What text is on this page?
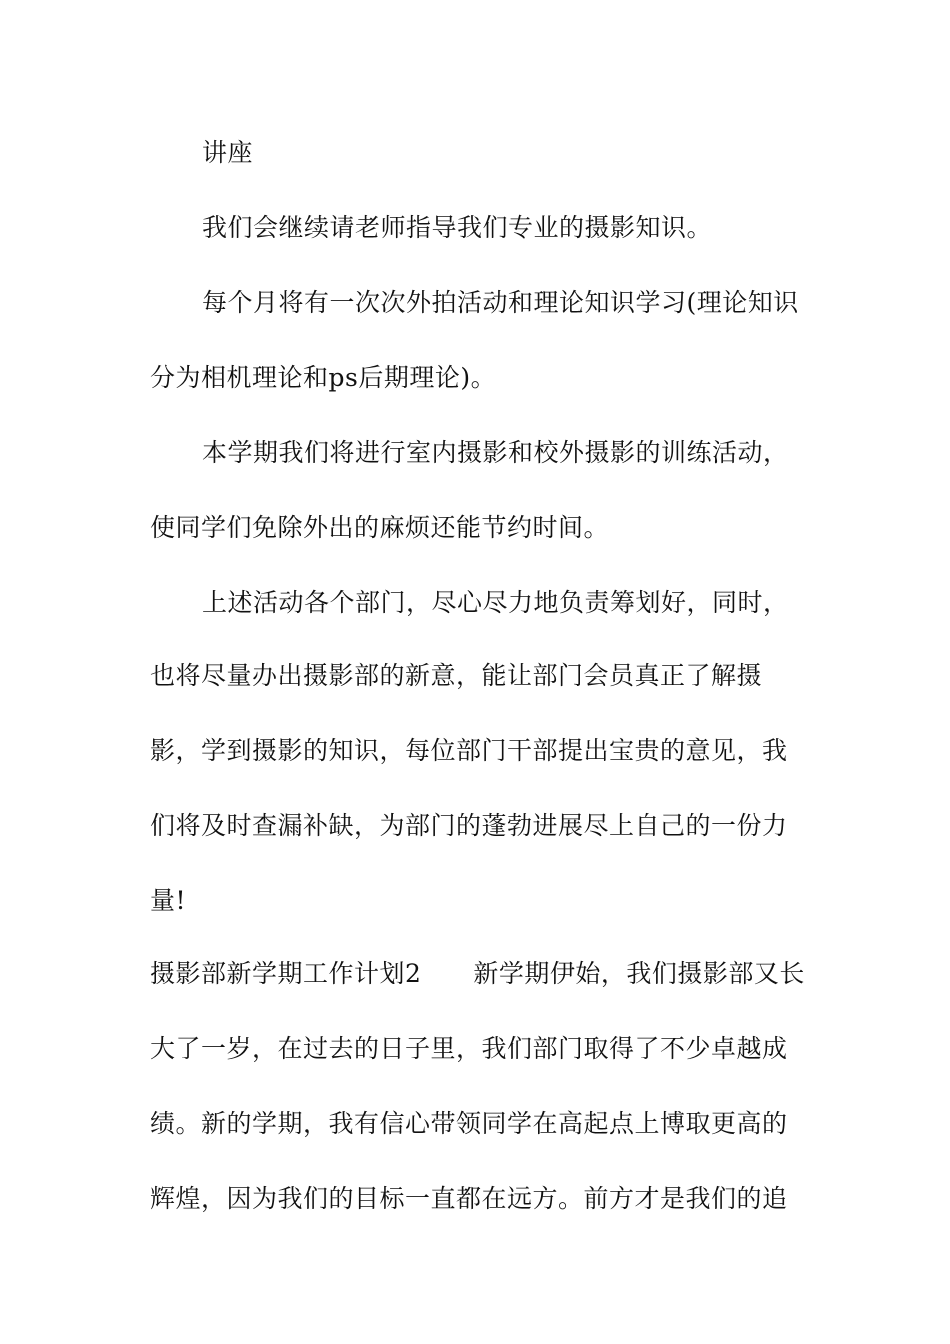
讲座
我们会继续请老师指导我们专业的摄影知识。
每个月将有一次次外拍活动和理论知识学习(理论知识
分为相机理论和ps后期理论)。
本学期我们将进行室内摄影和校外摄影的训练活动，
使同学们免除外出的麻烦还能节约时间。
上述活动各个部门，尽心尽力地负责筹划好，同时，
也将尽量办出摄影部的新意，能让部门会员真正了解摄
影，学到摄影的知识，每位部门干部提出宝贵的意见，我
们将及时查漏补缺，为部门的蓬勃进展尽上自己的一份力
量!
摄影部新学期工作计划2 新学期伊始，我们摄影部又长
大了一岁，在过去的日子里，我们部门取得了不少卓越成
绩。新的学期，我有信心带领同学在高起点上博取更高的
辉煌，因为我们的目标一直都在远方。前方才是我们的追
